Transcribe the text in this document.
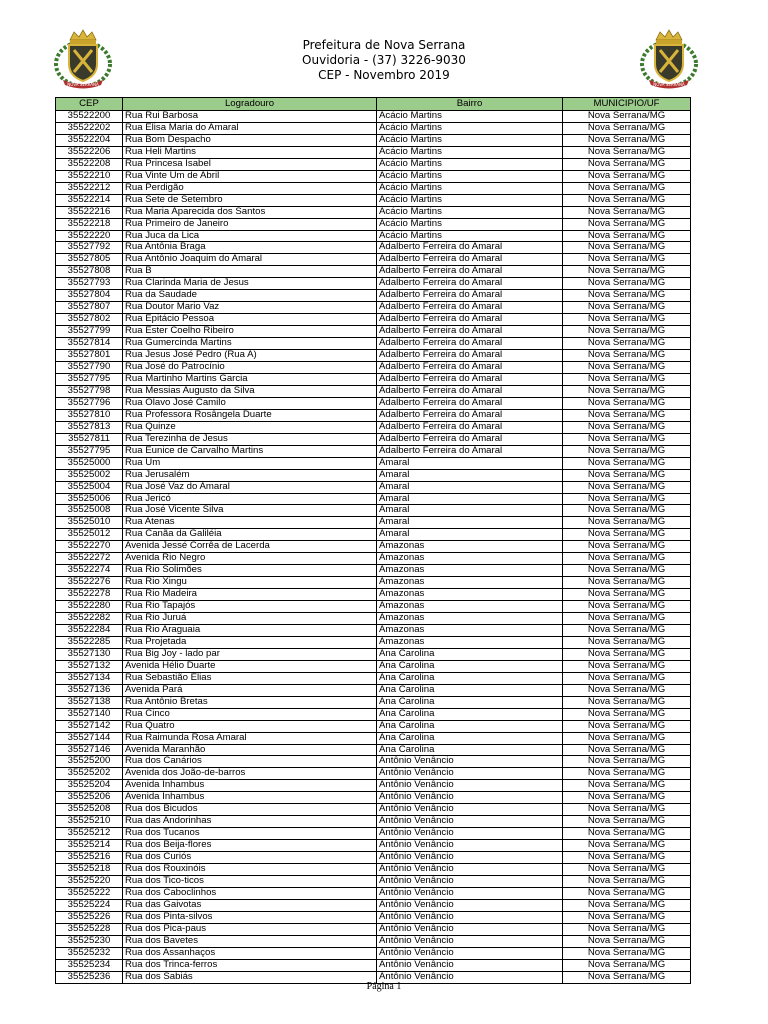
NOVA SERRANA	NOVA SERRANA
Prefeitura de Nova Serrana
Ouvidoria - (37) 3226-9030
CEP - Novembro 2019
CEP	Logradouro	Bairro	MUNICIPIO/UF
35522200	Rua Rui Barbosa	Acácio Martins	Nova Serrana/MG
35522202	Rua Elisa Maria do Amaral	Acácio Martins	Nova Serrana/MG
35522204	Rua Bom Despacho	Acácio Martins	Nova Serrana/MG
35522206	Rua Heli Martins	Acácio Martins	Nova Serrana/MG
35522208	Rua Princesa Isabel	Acácio Martins	Nova Serrana/MG
35522210	Rua Vinte Um de Abril	Acácio Martins	Nova Serrana/MG
35522212	Rua Perdigão	Acácio Martins	Nova Serrana/MG
35522214	Rua Sete de Setembro	Acácio Martins	Nova Serrana/MG
35522216	Rua Maria Aparecida dos Santos	Acácio Martins	Nova Serrana/MG
35522218	Rua Primeiro de Janeiro	Acácio Martins	Nova Serrana/MG
35522220	Rua Juca da Lica	Acácio Martins	Nova Serrana/MG
35527792	Rua Antônia Braga	Adalberto Ferreira do Amaral	Nova Serrana/MG
35527805	Rua Antônio Joaquim do Amaral	Adalberto Ferreira do Amaral	Nova Serrana/MG
35527808	Rua B	Adalberto Ferreira do Amaral	Nova Serrana/MG
35527793	Rua Clarinda Maria de Jesus	Adalberto Ferreira do Amaral	Nova Serrana/MG
35527804	Rua da Saudade	Adalberto Ferreira do Amaral	Nova Serrana/MG
35527807	Rua Doutor Mario Vaz	Adalberto Ferreira do Amaral	Nova Serrana/MG
35527802	Rua Epitácio Pessoa	Adalberto Ferreira do Amaral	Nova Serrana/MG
35527799	Rua Ester Coelho Ribeiro	Adalberto Ferreira do Amaral	Nova Serrana/MG
35527814	Rua Gumercinda Martins	Adalberto Ferreira do Amaral	Nova Serrana/MG
35527801	Rua Jesus José Pedro (Rua A)	Adalberto Ferreira do Amaral	Nova Serrana/MG
35527790	Rua José do Patrocínio	Adalberto Ferreira do Amaral	Nova Serrana/MG
35527795	Rua Martinho Martins Garcia	Adalberto Ferreira do Amaral	Nova Serrana/MG
35527798	Rua Messias Augusto da Silva	Adalberto Ferreira do Amaral	Nova Serrana/MG
35527796	Rua Olavo José Camilo	Adalberto Ferreira do Amaral	Nova Serrana/MG
35527810	Rua Professora Rosângela Duarte	Adalberto Ferreira do Amaral	Nova Serrana/MG
35527813	Rua Quinze	Adalberto Ferreira do Amaral	Nova Serrana/MG
35527811	Rua Terezinha de Jesus	Adalberto Ferreira do Amaral	Nova Serrana/MG
35527795	Rua Eunice de Carvalho Martins	Adalberto Ferreira do Amaral	Nova Serrana/MG
35525000	Rua Um	Amaral	Nova Serrana/MG
35525002	Rua Jerusalém	Amaral	Nova Serrana/MG
35525004	Rua José Vaz do Amaral	Amaral	Nova Serrana/MG
35525006	Rua Jericó	Amaral	Nova Serrana/MG
35525008	Rua José Vicente Silva	Amaral	Nova Serrana/MG
35525010	Rua Atenas	Amaral	Nova Serrana/MG
35525012	Rua Canãa da Galiléia	Amaral	Nova Serrana/MG
35522270	Avenida Jessé Corrêa de Lacerda	Amazonas	Nova Serrana/MG
35522272	Avenida Rio Negro	Amazonas	Nova Serrana/MG
35522274	Rua Rio Solimões	Amazonas	Nova Serrana/MG
35522276	Rua Rio Xingu	Amazonas	Nova Serrana/MG
35522278	Rua Rio Madeira	Amazonas	Nova Serrana/MG
35522280	Rua Rio Tapajós	Amazonas	Nova Serrana/MG
35522282	Rua Rio Juruá	Amazonas	Nova Serrana/MG
35522284	Rua Rio Araguaia	Amazonas	Nova Serrana/MG
35522285	Rua Projetada	Amazonas	Nova Serrana/MG
35527130	Rua Big Joy - lado par	Ana Carolina	Nova Serrana/MG
35527132	Avenida Hélio Duarte	Ana Carolina	Nova Serrana/MG
35527134	Rua Sebastião Elias	Ana Carolina	Nova Serrana/MG
35527136	Avenida Pará	Ana Carolina	Nova Serrana/MG
35527138	Rua Antônio Bretas	Ana Carolina	Nova Serrana/MG
35527140	Rua Cinco	Ana Carolina	Nova Serrana/MG
35527142	Rua Quatro	Ana Carolina	Nova Serrana/MG
35527144	Rua Raimunda Rosa Amaral	Ana Carolina	Nova Serrana/MG
35527146	Avenida Maranhão	Ana Carolina	Nova Serrana/MG
35525200	Rua dos Canários	Antônio Venâncio	Nova Serrana/MG
35525202	Avenida dos João-de-barros	Antônio Venâncio	Nova Serrana/MG
35525204	Avenida Inhambus	Antônio Venâncio	Nova Serrana/MG
35525206	Avenida Inhambus	Antônio Venâncio	Nova Serrana/MG
35525208	Rua dos Bicudos	Antônio Venâncio	Nova Serrana/MG
35525210	Rua das Andorinhas	Antônio Venâncio	Nova Serrana/MG
35525212	Rua dos Tucanos	Antônio Venâncio	Nova Serrana/MG
35525214	Rua dos Beija-flores	Antônio Venâncio	Nova Serrana/MG
35525216	Rua dos Curiós	Antônio Venâncio	Nova Serrana/MG
35525218	Rua dos Rouxinóis	Antônio Venâncio	Nova Serrana/MG
35525220	Rua dos Tico-ticos	Antônio Venâncio	Nova Serrana/MG
35525222	Rua dos Caboclinhos	Antônio Venâncio	Nova Serrana/MG
35525224	Rua das Gaivotas	Antônio Venâncio	Nova Serrana/MG
35525226	Rua dos Pinta-silvos	Antônio Venâncio	Nova Serrana/MG
35525228	Rua dos Pica-paus	Antônio Venâncio	Nova Serrana/MG
35525230	Rua dos Bavetes	Antônio Venâncio	Nova Serrana/MG
35525232	Rua dos Assanhaços	Antônio Venâncio	Nova Serrana/MG
35525234	Rua dos Trinca-ferros	Antônio Venâncio	Nova Serrana/MG
35525236	Rua dos Sabiás	Antônio Venâncio	Nova Serrana/MG
Página 1
